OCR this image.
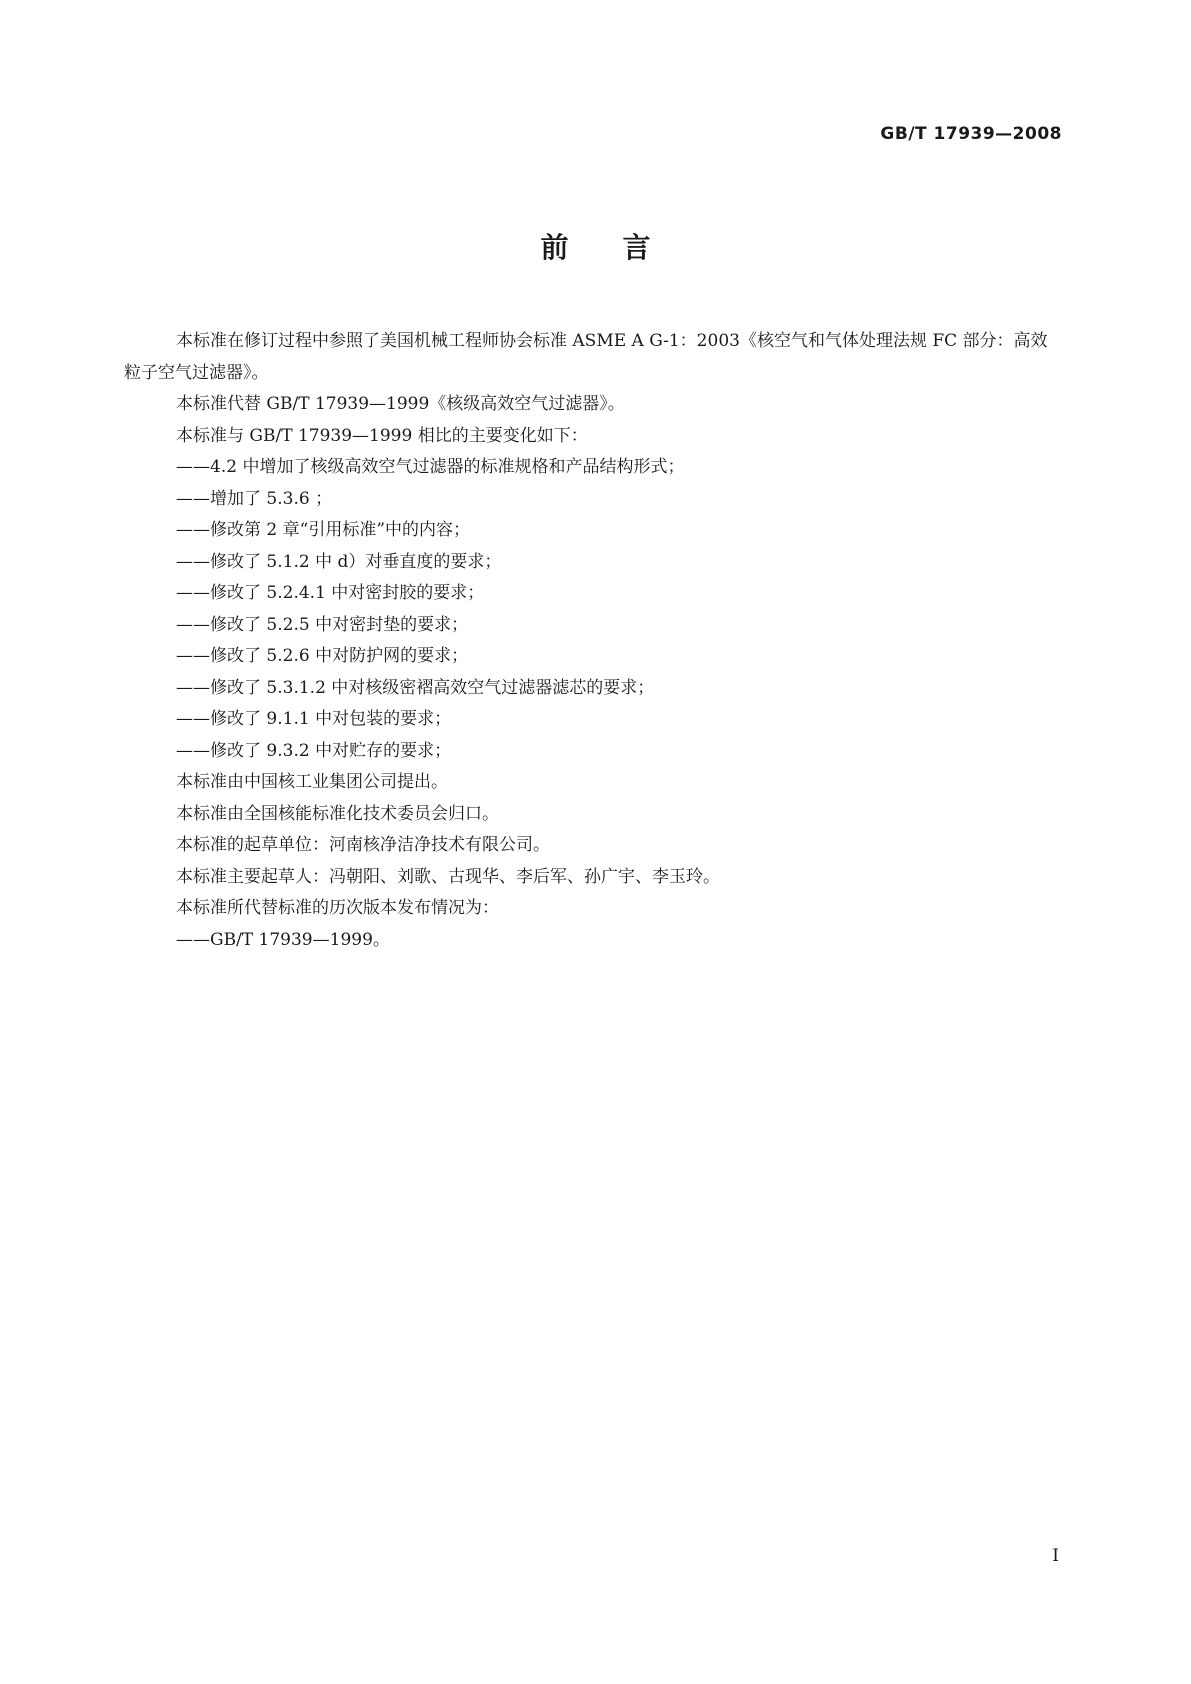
GB/T 17939—2008
前言

本标准在修订过程中参照了美国机械工程师协会标准 ASME A G-1：2003《核空气和气体处理法规 FC 部分：高效粒子空气过滤器》。

本标准代替 GB/T 17939—1999《核级高效空气过滤器》。

本标准与 GB/T 17939—1999 相比的主要变化如下：

——4.2 中增加了核级高效空气过滤器的标准规格和产品结构形式；
——增加了 5.3.6 ；
——修改第 2 章“引用标准”中的内容；
——修改了 5.1.2 中 d）对垂直度的要求；
——修改了 5.2.4.1 中对密封胶的要求；
——修改了 5.2.5 中对密封垫的要求；
——修改了 5.2.6 中对防护网的要求；
——修改了 5.3.1.2 中对核级密褶高效空气过滤器滤芯的要求；
——修改了 9.1.1 中对包装的要求；
——修改了 9.3.2 中对贮存的要求；

本标准由中国核工业集团公司提出。

本标准由全国核能标准化技术委员会归口。

本标准的起草单位：河南核净洁净技术有限公司。

本标准主要起草人：冯朝阳、刘歌、古现华、李后军、孙广宇、李玉玲。

本标准所代替标准的历次版本发布情况为：

——GB/T 17939—1999。
I
